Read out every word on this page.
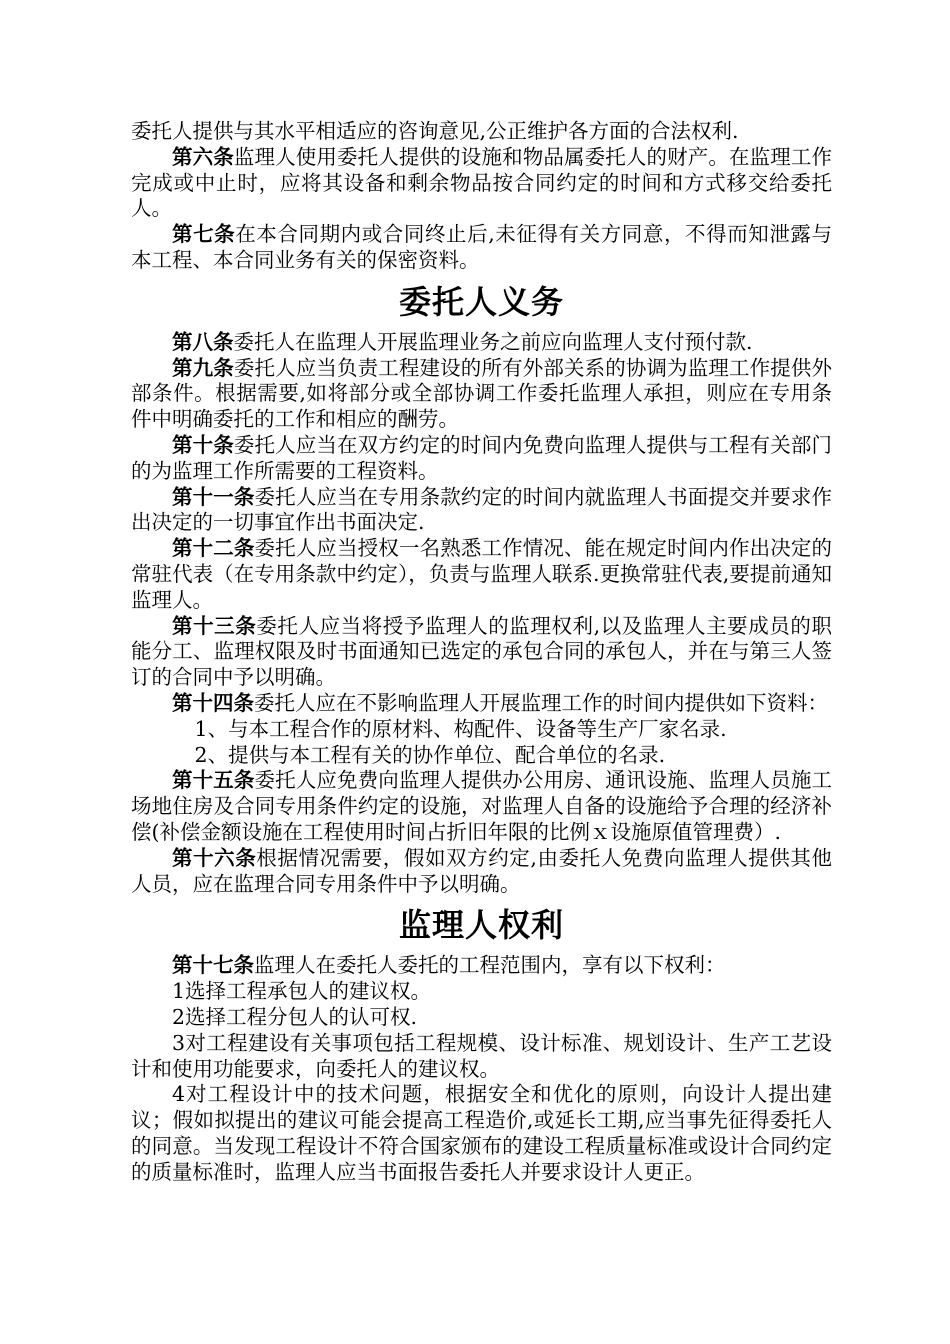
委托人提供与其水平相适应的咨询意见,公正维护各方面的合法权利.

第六条监理人使用委托人提供的设施和物品属委托人的财产。在监理工作完成或中止时，应将其设备和剩余物品按合同约定的时间和方式移交给委托人。

第七条在本合同期内或合同终止后,未征得有关方同意，不得而知泄露与本工程、本合同业务有关的保密资料。

委托人义务

第八条委托人在监理人开展监理业务之前应向监理人支付预付款.

第九条委托人应当负责工程建设的所有外部关系的协调为监理工作提供外部条件。根据需要,如将部分或全部协调工作委托监理人承担，则应在专用条件中明确委托的工作和相应的酬劳。

第十条委托人应当在双方约定的时间内免费向监理人提供与工程有关部门的为监理工作所需要的工程资料。

第十一条委托人应当在专用条款约定的时间内就监理人书面提交并要求作出决定的一切事宜作出书面决定.

第十二条委托人应当授权一名熟悉工作情况、能在规定时间内作出决定的常驻代表（在专用条款中约定），负责与监理人联系.更换常驻代表,要提前通知监理人。

第十三条委托人应当将授予监理人的监理权利,以及监理人主要成员的职能分工、监理权限及时书面通知已选定的承包合同的承包人，并在与第三人签订的合同中予以明确。

第十四条委托人应在不影响监理人开展监理工作的时间内提供如下资料：

1、与本工程合作的原材料、构配件、设备等生产厂家名录.

2、提供与本工程有关的协作单位、配合单位的名录.

第十五条委托人应免费向监理人提供办公用房、通讯设施、监理人员施工场地住房及合同专用条件约定的设施，对监理人自备的设施给予合理的经济补偿(补偿金额设施在工程使用时间占折旧年限的比例ｘ设施原值管理费）.

第十六条根据情况需要，假如双方约定,由委托人免费向监理人提供其他人员，应在监理合同专用条件中予以明确。

监理人权利

第十七条监理人在委托人委托的工程范围内，享有以下权利：

1选择工程承包人的建议权。

2选择工程分包人的认可权.

3对工程建设有关事项包括工程规模、设计标准、规划设计、生产工艺设计和使用功能要求，向委托人的建议权。

4对工程设计中的技术问题，根据安全和优化的原则，向设计人提出建议；假如拟提出的建议可能会提高工程造价,或延长工期,应当事先征得委托人的同意。当发现工程设计不符合国家颁布的建设工程质量标准或设计合同约定的质量标准时，监理人应当书面报告委托人并要求设计人更正。
